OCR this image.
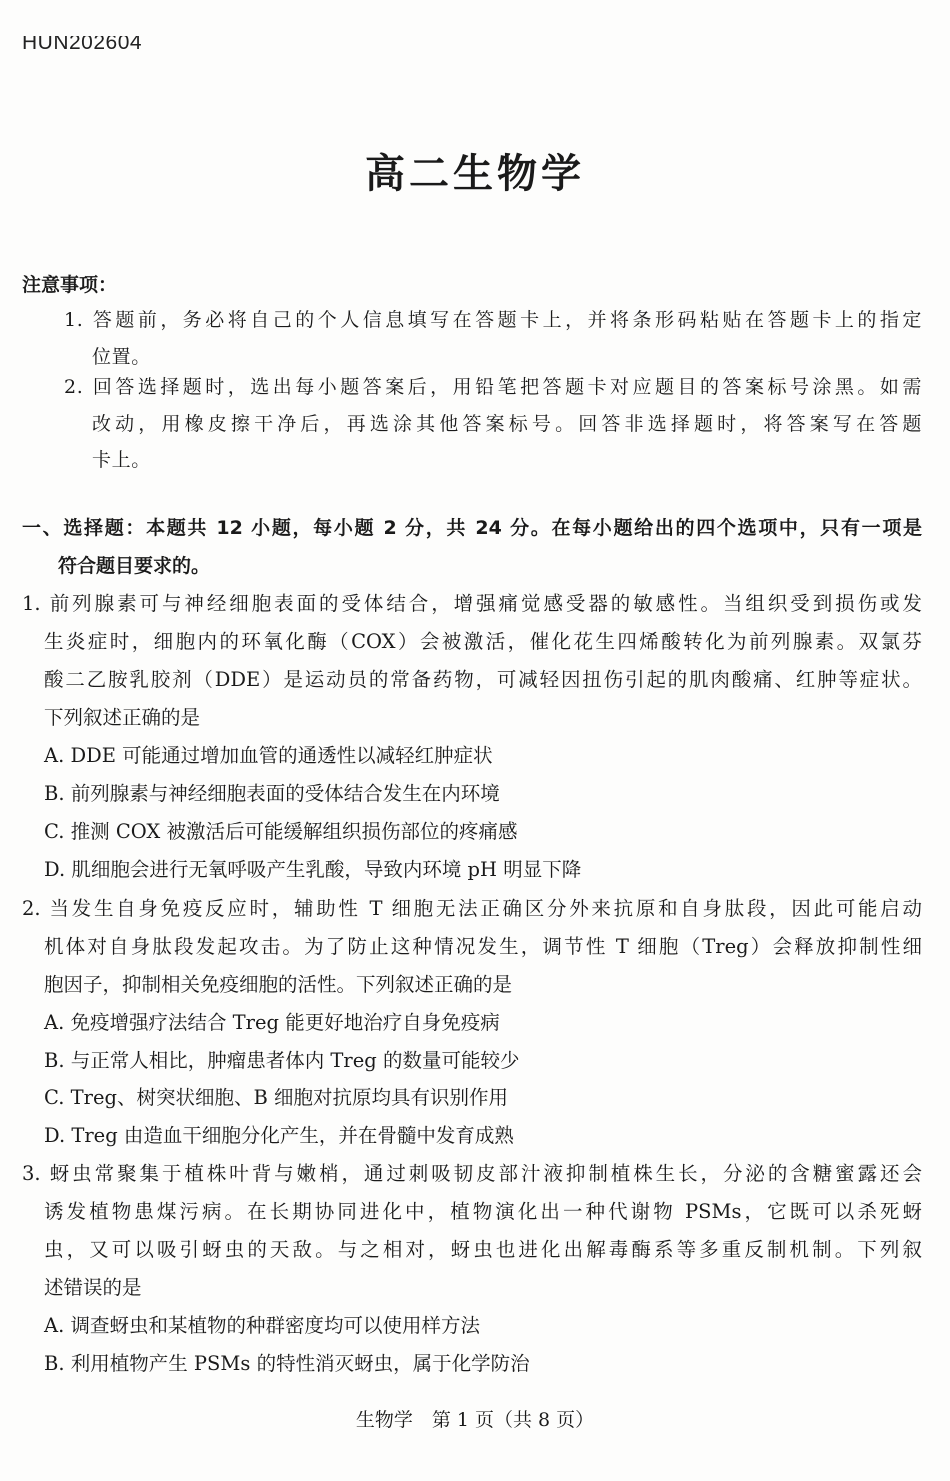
HUN202604
高二生物学
注意事项：
1. 答题前，务必将自己的个人信息填写在答题卡上，并将条形码粘贴在答题卡上的指定
位置。
2. 回答选择题时，选出每小题答案后，用铅笔把答题卡对应题目的答案标号涂黑。如需
改动，用橡皮擦干净后，再选涂其他答案标号。回答非选择题时，将答案写在答题
卡上。
一、选择题：本题共 12 小题，每小题 2 分，共 24 分。在每小题给出的四个选项中，只有一项是
符合题目要求的。
1. 前列腺素可与神经细胞表面的受体结合，增强痛觉感受器的敏感性。当组织受到损伤或发
生炎症时，细胞内的环氧化酶（COX）会被激活，催化花生四烯酸转化为前列腺素。双氯芬
酸二乙胺乳胶剂（DDE）是运动员的常备药物，可减轻因扭伤引起的肌肉酸痛、红肿等症状。
下列叙述正确的是
A. DDE 可能通过增加血管的通透性以减轻红肿症状
B. 前列腺素与神经细胞表面的受体结合发生在内环境
C. 推测 COX 被激活后可能缓解组织损伤部位的疼痛感
D. 肌细胞会进行无氧呼吸产生乳酸，导致内环境 pH 明显下降
2. 当发生自身免疫反应时，辅助性 T 细胞无法正确区分外来抗原和自身肽段，因此可能启动
机体对自身肽段发起攻击。为了防止这种情况发生，调节性 T 细胞（Treg）会释放抑制性细
胞因子，抑制相关免疫细胞的活性。下列叙述正确的是
A. 免疫增强疗法结合 Treg 能更好地治疗自身免疫病
B. 与正常人相比，肿瘤患者体内 Treg 的数量可能较少
C. Treg、树突状细胞、B 细胞对抗原均具有识别作用
D. Treg 由造血干细胞分化产生，并在骨髓中发育成熟
3. 蚜虫常聚集于植株叶背与嫩梢，通过刺吸韧皮部汁液抑制植株生长，分泌的含糖蜜露还会
诱发植物患煤污病。在长期协同进化中，植物演化出一种代谢物 PSMs，它既可以杀死蚜
虫，又可以吸引蚜虫的天敌。与之相对，蚜虫也进化出解毒酶系等多重反制机制。下列叙
述错误的是
A. 调查蚜虫和某植物的种群密度均可以使用样方法
B. 利用植物产生 PSMs 的特性消灭蚜虫，属于化学防治
生物学　第 1 页（共 8 页）
